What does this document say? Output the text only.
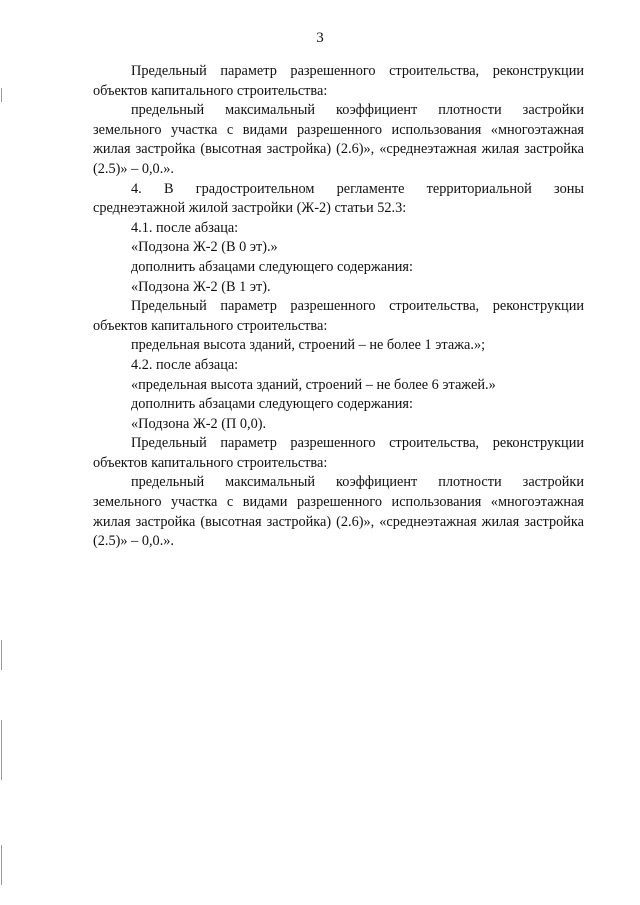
3

Предельный параметр разрешенного строительства, реконструкции объектов капитального строительства:

предельный максимальный коэффициент плотности застройки земельного участка с видами разрешенного использования «многоэтажная жилая застройка (высотная застройка) (2.6)», «среднеэтажная жилая застройка (2.5)» – 0,0.».

4. В градостроительном регламенте территориальной зоны среднеэтажной жилой застройки (Ж-2) статьи 52.3:

4.1. после абзаца:

«Подзона Ж-2 (В 0 эт).»

дополнить абзацами следующего содержания:

«Подзона Ж-2 (В 1 эт).

Предельный параметр разрешенного строительства, реконструкции объектов капитального строительства:

предельная высота зданий, строений – не более 1 этажа.»;

4.2. после абзаца:

«предельная высота зданий, строений – не более 6 этажей.»

дополнить абзацами следующего содержания:

«Подзона Ж-2 (П 0,0).

Предельный параметр разрешенного строительства, реконструкции объектов капитального строительства:

предельный максимальный коэффициент плотности застройки земельного участка с видами разрешенного использования «многоэтажная жилая застройка (высотная застройка) (2.6)», «среднеэтажная жилая застройка (2.5)» – 0,0.».
